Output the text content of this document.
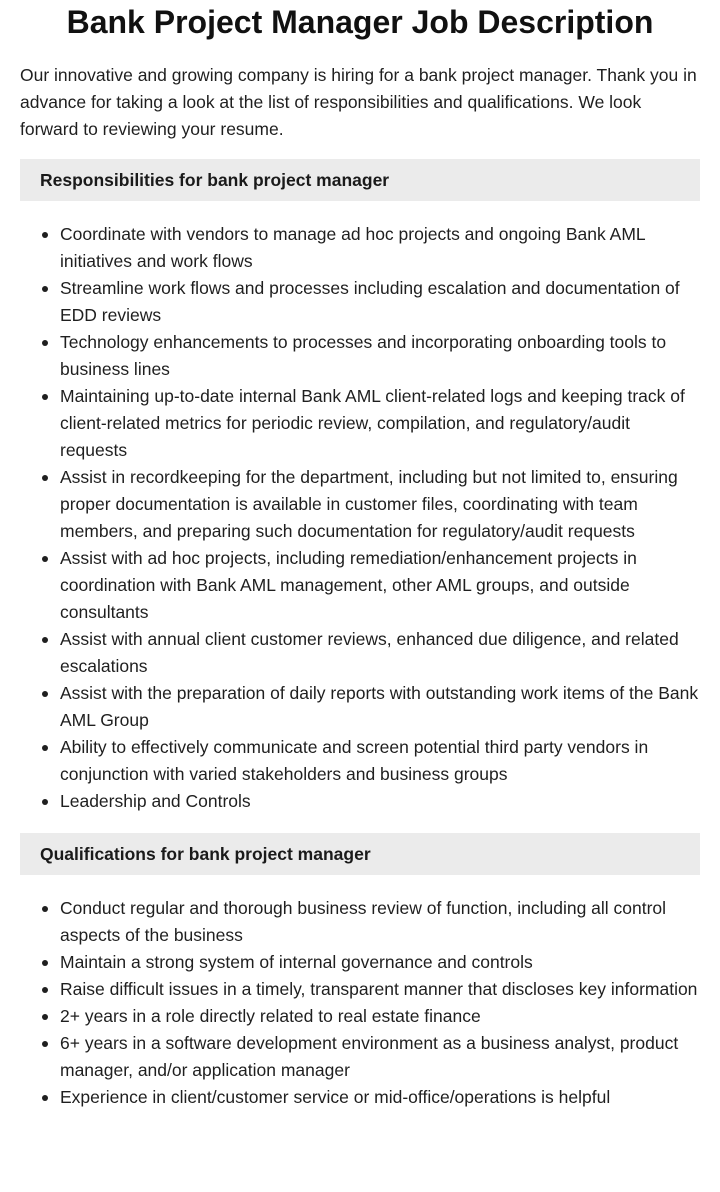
Bank Project Manager Job Description

Our innovative and growing company is hiring for a bank project manager. Thank you in advance for taking a look at the list of responsibilities and qualifications. We look forward to reviewing your resume.

Responsibilities for bank project manager
Coordinate with vendors to manage ad hoc projects and ongoing Bank AML initiatives and work flows
Streamline work flows and processes including escalation and documentation of EDD reviews
Technology enhancements to processes and incorporating onboarding tools to business lines
Maintaining up-to-date internal Bank AML client-related logs and keeping track of client-related metrics for periodic review, compilation, and regulatory/audit requests
Assist in recordkeeping for the department, including but not limited to, ensuring proper documentation is available in customer files, coordinating with team members, and preparing such documentation for regulatory/audit requests
Assist with ad hoc projects, including remediation/enhancement projects in coordination with Bank AML management, other AML groups, and outside consultants
Assist with annual client customer reviews, enhanced due diligence, and related escalations
Assist with the preparation of daily reports with outstanding work items of the Bank AML Group
Ability to effectively communicate and screen potential third party vendors in conjunction with varied stakeholders and business groups
Leadership and Controls
Qualifications for bank project manager
Conduct regular and thorough business review of function, including all control aspects of the business
Maintain a strong system of internal governance and controls
Raise difficult issues in a timely, transparent manner that discloses key information
2+ years in a role directly related to real estate finance
6+ years in a software development environment as a business analyst, product manager, and/or application manager
Experience in client/customer service or mid-office/operations is helpful
